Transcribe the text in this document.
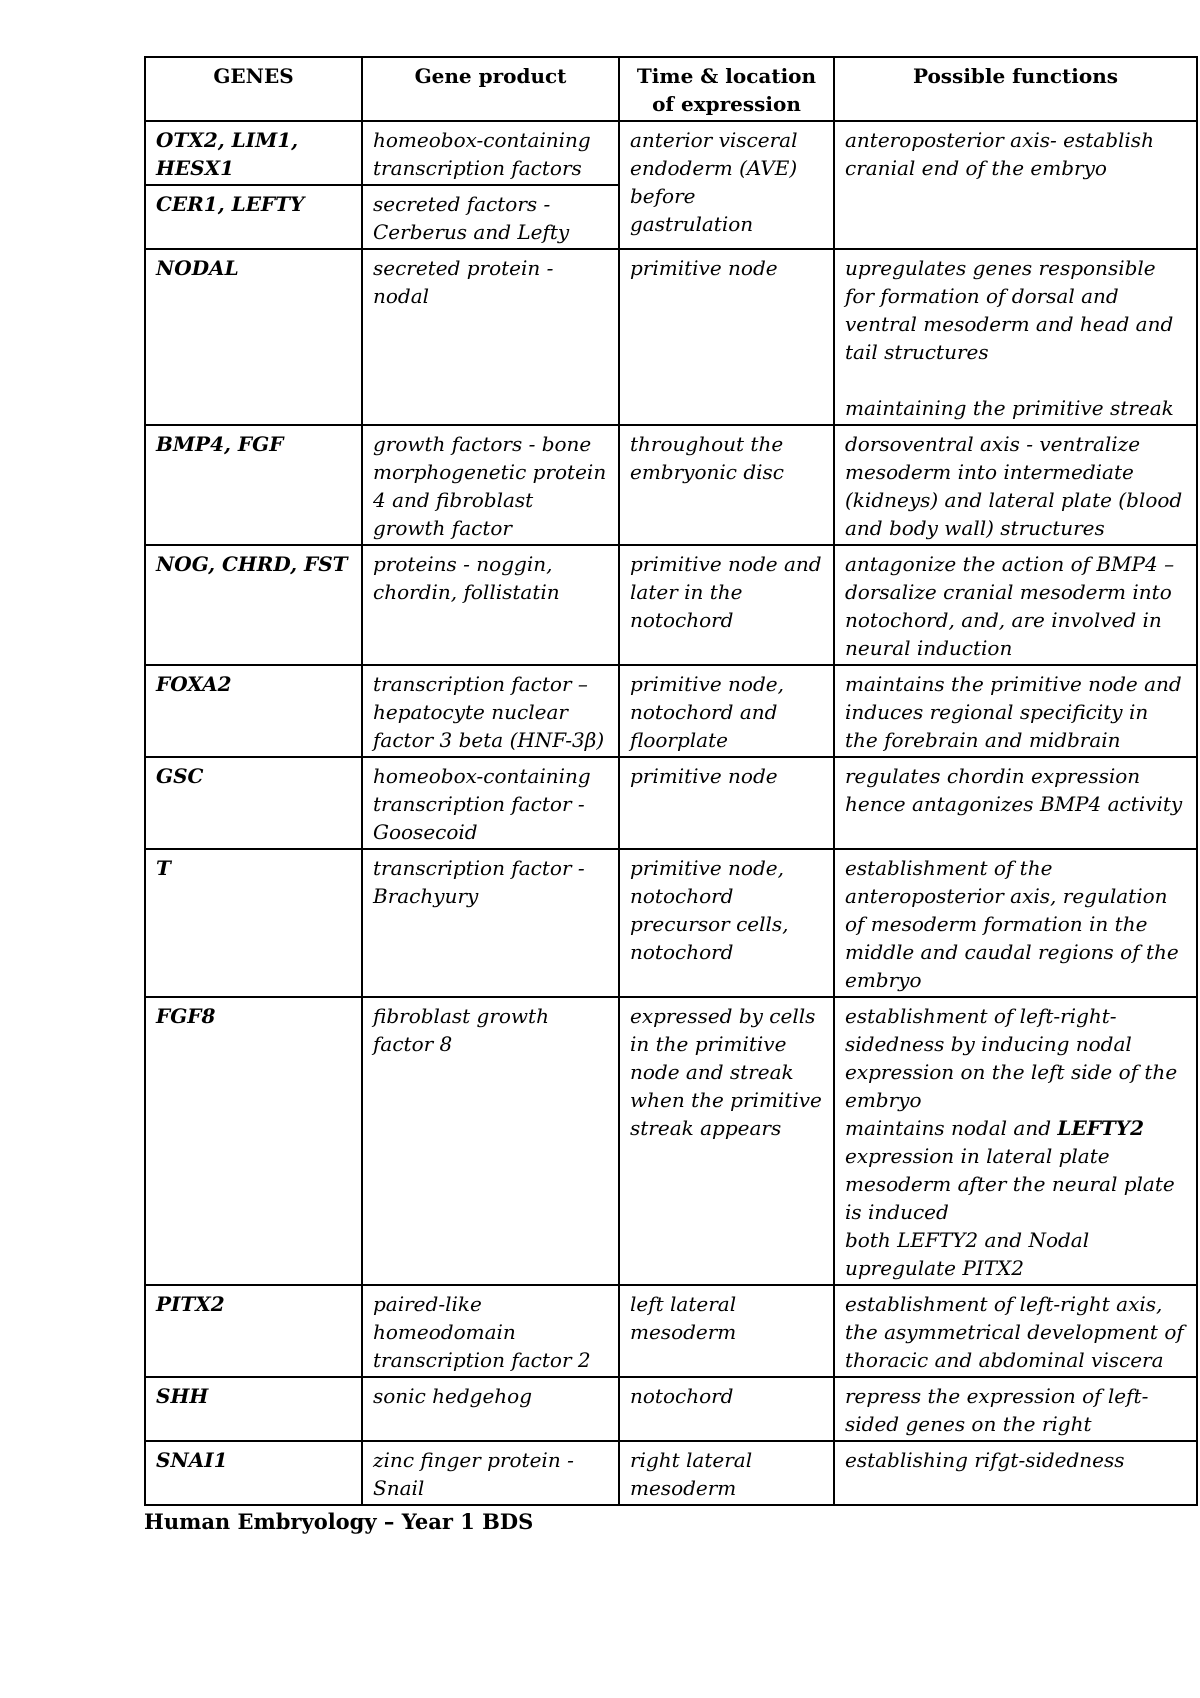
GENES	Gene product	Time & location of expression	Possible functions
OTX2, LIM1, HESX1	homeobox-containing transcription factors	anterior visceral endoderm (AVE) before gastrulation	anteroposterior axis- establish cranial end of the embryo
CER1, LEFTY	secreted factors -Cerberus and Lefty		
NODAL	secreted protein - nodal	primitive node	upregulates genes responsible for formation of dorsal and ventral mesoderm and head and tail structures
maintaining the primitive streak

BMP4, FGF	growth factors - bone morphogenetic protein 4 and fibroblast growth factor	throughout the embryonic disc	dorsoventral axis - ventralize mesoderm into intermediate (kidneys) and lateral plate (blood and body wall) structures
NOG, CHRD, FST	proteins - noggin, chordin, follistatin	primitive node and later in the notochord	antagonize the action of BMP4 – dorsalize cranial mesoderm into notochord, and, are involved in neural induction
FOXA2	transcription factor – hepatocyte nuclear factor 3 beta (HNF-3β)	primitive node, notochord and floorplate	maintains the primitive node and induces regional specificity in the forebrain and midbrain
GSC	homeobox-containing transcription factor - Goosecoid	primitive node	regulates chordin expression hence antagonizes BMP4 activity
T	transcription factor - Brachyury	primitive node, notochord precursor cells, notochord	establishment of the anteroposterior axis, regulation of mesoderm formation in the middle and caudal regions of the embryo
FGF8	fibroblast growth factor 8	expressed by cells in the primitive node and streak when the primitive streak appears	establishment of left-right-sidedness by inducing nodal expression on the left side of the embryo
maintains nodal and LEFTY2 expression in lateral plate mesoderm after the neural plate is induced
both LEFTY2 and Nodal upregulate PITX2

PITX2	paired-like homeodomain transcription factor 2	left lateral mesoderm	establishment of left-right axis, the asymmetrical development of thoracic and abdominal viscera
SHH	sonic hedgehog	notochord	repress the expression of left-sided genes on the right
SNAI1	zinc finger protein - Snail	right lateral mesoderm	establishing rifgt-sidedness
Human Embryology – Year 1 BDS
